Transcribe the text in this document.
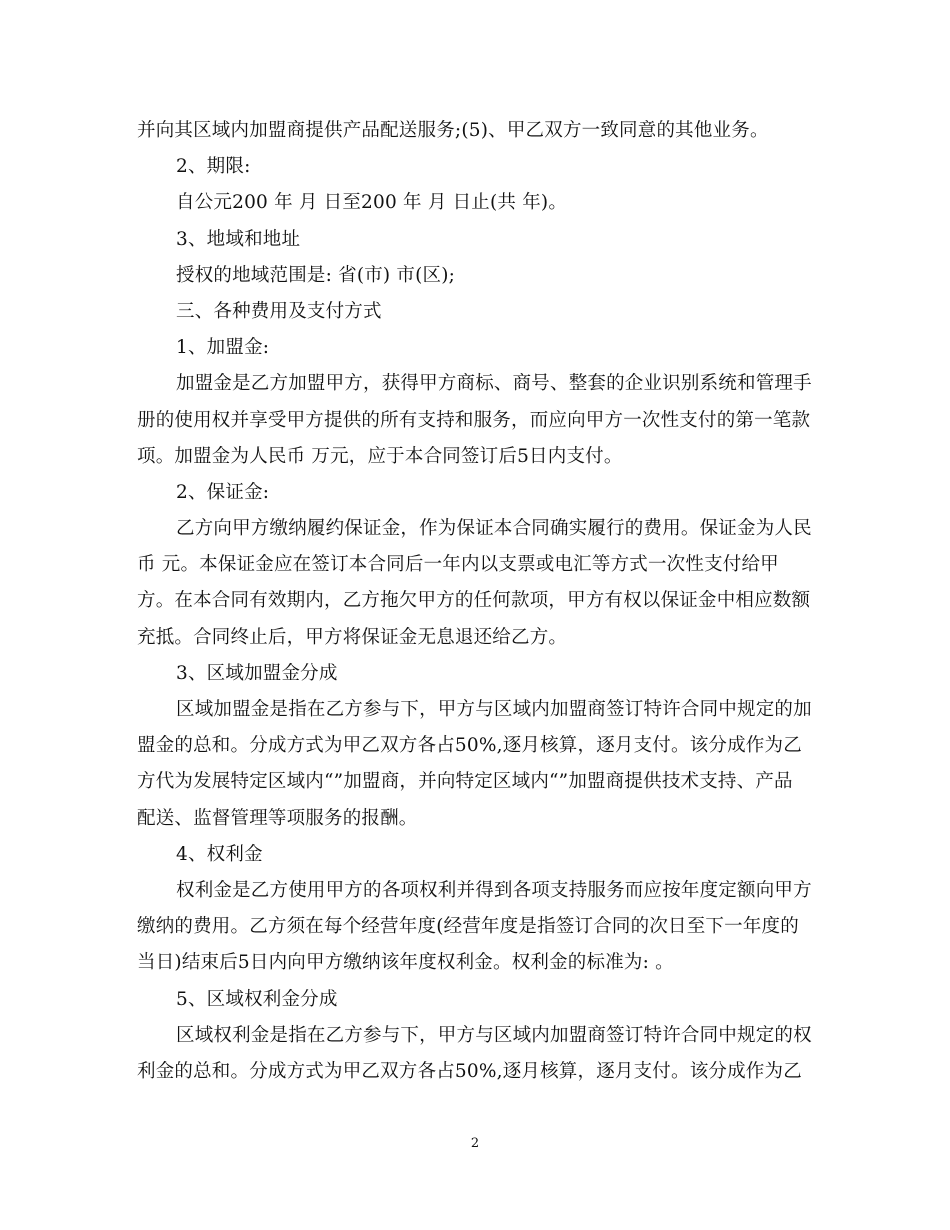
并向其区域内加盟商提供产品配送服务;(5)、甲乙双方一致同意的其他业务。
2、期限:
自公元200 年 月 日至200 年 月 日止(共 年)。
3、地域和地址
授权的地域范围是: 省(市) 市(区);
三、各种费用及支付方式
1、加盟金:
加盟金是乙方加盟甲方，获得甲方商标、商号、整套的企业识别系统和管理手
册的使用权并享受甲方提供的所有支持和服务，而应向甲方一次性支付的第一笔款
项。加盟金为人民币 万元，应于本合同签订后5日内支付。
2、保证金:
乙方向甲方缴纳履约保证金，作为保证本合同确实履行的费用。保证金为人民
币 元。本保证金应在签订本合同后一年内以支票或电汇等方式一次性支付给甲
方。在本合同有效期内，乙方拖欠甲方的任何款项，甲方有权以保证金中相应数额
充抵。合同终止后，甲方将保证金无息退还给乙方。
3、区域加盟金分成
区域加盟金是指在乙方参与下，甲方与区域内加盟商签订特许合同中规定的加
盟金的总和。分成方式为甲乙双方各占50%,逐月核算，逐月支付。该分成作为乙
方代为发展特定区域内“”加盟商，并向特定区域内“”加盟商提供技术支持、产品
配送、监督管理等项服务的报酬。
4、权利金
权利金是乙方使用甲方的各项权利并得到各项支持服务而应按年度定额向甲方
缴纳的费用。乙方须在每个经营年度(经营年度是指签订合同的次日至下一年度的
当日)结束后5日内向甲方缴纳该年度权利金。权利金的标准为: 。
5、区域权利金分成
区域权利金是指在乙方参与下，甲方与区域内加盟商签订特许合同中规定的权
利金的总和。分成方式为甲乙双方各占50%,逐月核算，逐月支付。该分成作为乙
2
